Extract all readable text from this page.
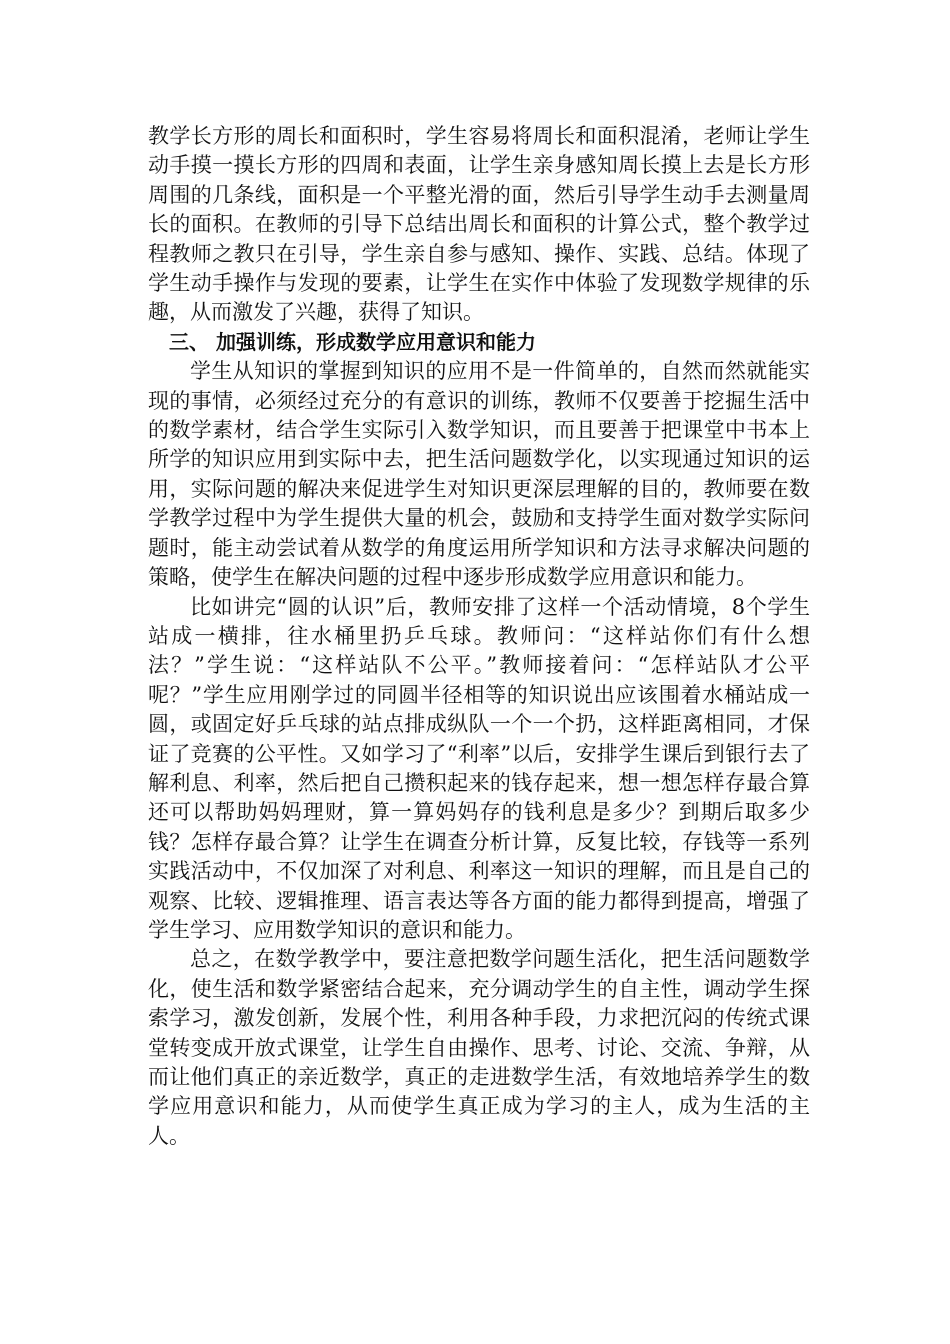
教学长方形的周长和面积时，学生容易将周长和面积混淆，老师让学生动手摸一摸长方形的四周和表面，让学生亲身感知周长摸上去是长方形周围的几条线，面积是一个平整光滑的面，然后引导学生动手去测量周长的面积。在教师的引导下总结出周长和面积的计算公式，整个教学过程教师之教只在引导，学生亲自参与感知、操作、实践、总结。体现了学生动手操作与发现的要素，让学生在实作中体验了发现数学规律的乐趣，从而激发了兴趣，获得了知识。

三、 加强训练，形成数学应用意识和能力

学生从知识的掌握到知识的应用不是一件简单的，自然而然就能实现的事情，必须经过充分的有意识的训练，教师不仅要善于挖掘生活中的数学素材，结合学生实际引入数学知识，而且要善于把课堂中书本上所学的知识应用到实际中去，把生活问题数学化，以实现通过知识的运用，实际问题的解决来促进学生对知识更深层理解的目的，教师要在数学教学过程中为学生提供大量的机会，鼓励和支持学生面对数学实际问题时，能主动尝试着从数学的角度运用所学知识和方法寻求解决问题的策略，使学生在解决问题的过程中逐步形成数学应用意识和能力。

比如讲完“圆的认识”后，教师安排了这样一个活动情境，8个学生站成一横排，往水桶里扔乒乓球。教师问：“这样站你们有什么想法？”学生说：“这样站队不公平。”教师接着问：“怎样站队才公平呢？”学生应用刚学过的同圆半径相等的知识说出应该围着水桶站成一圆，或固定好乒乓球的站点排成纵队一个一个扔，这样距离相同，才保证了竞赛的公平性。又如学习了“利率”以后，安排学生课后到银行去了解利息、利率，然后把自己攒积起来的钱存起来，想一想怎样存最合算还可以帮助妈妈理财，算一算妈妈存的钱利息是多少？到期后取多少钱？怎样存最合算？让学生在调查分析计算，反复比较，存钱等一系列实践活动中，不仅加深了对利息、利率这一知识的理解，而且是自己的观察、比较、逻辑推理、语言表达等各方面的能力都得到提高，增强了学生学习、应用数学知识的意识和能力。

总之，在数学教学中，要注意把数学问题生活化，把生活问题数学化，使生活和数学紧密结合起来，充分调动学生的自主性，调动学生探索学习，激发创新，发展个性，利用各种手段，力求把沉闷的传统式课堂转变成开放式课堂，让学生自由操作、思考、讨论、交流、争辩，从而让他们真正的亲近数学，真正的走进数学生活，有效地培养学生的数学应用意识和能力，从而使学生真正成为学习的主人，成为生活的主人。
